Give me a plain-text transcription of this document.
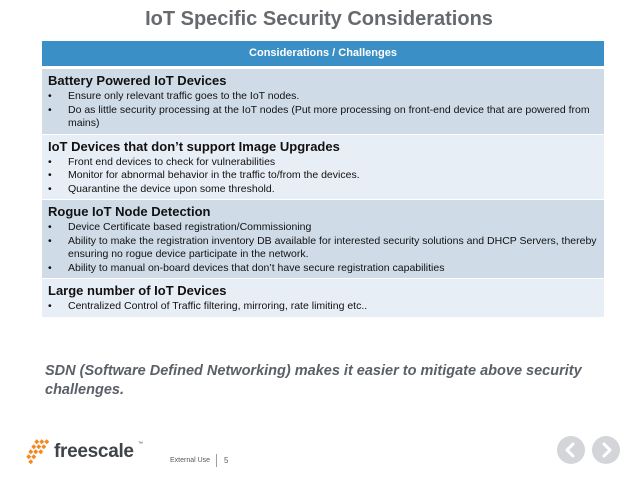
IoT Specific Security Considerations
Considerations / Challenges
Battery Powered IoT Devices
• Ensure only relevant traffic goes to the IoT nodes.
• Do as little security processing at the IoT nodes (Put more processing on front-end device that are powered from mains)
IoT Devices that don’t support Image Upgrades
• Front end devices to check for vulnerabilities
• Monitor for abnormal behavior in the traffic to/from the devices.
• Quarantine the device upon some threshold.
Rogue IoT Node Detection
• Device Certificate based registration/Commissioning
• Ability to make the registration inventory DB available for interested security solutions and DHCP Servers, thereby ensuring no rogue device participate in the network.
• Ability to manual on-board devices that don’t have secure registration capabilities
Large number of IoT Devices
• Centralized Control of Traffic filtering, mirroring, rate limiting etc..
SDN (Software Defined Networking) makes it easier to mitigate above security challenges.
freescale ™
External Use 5
